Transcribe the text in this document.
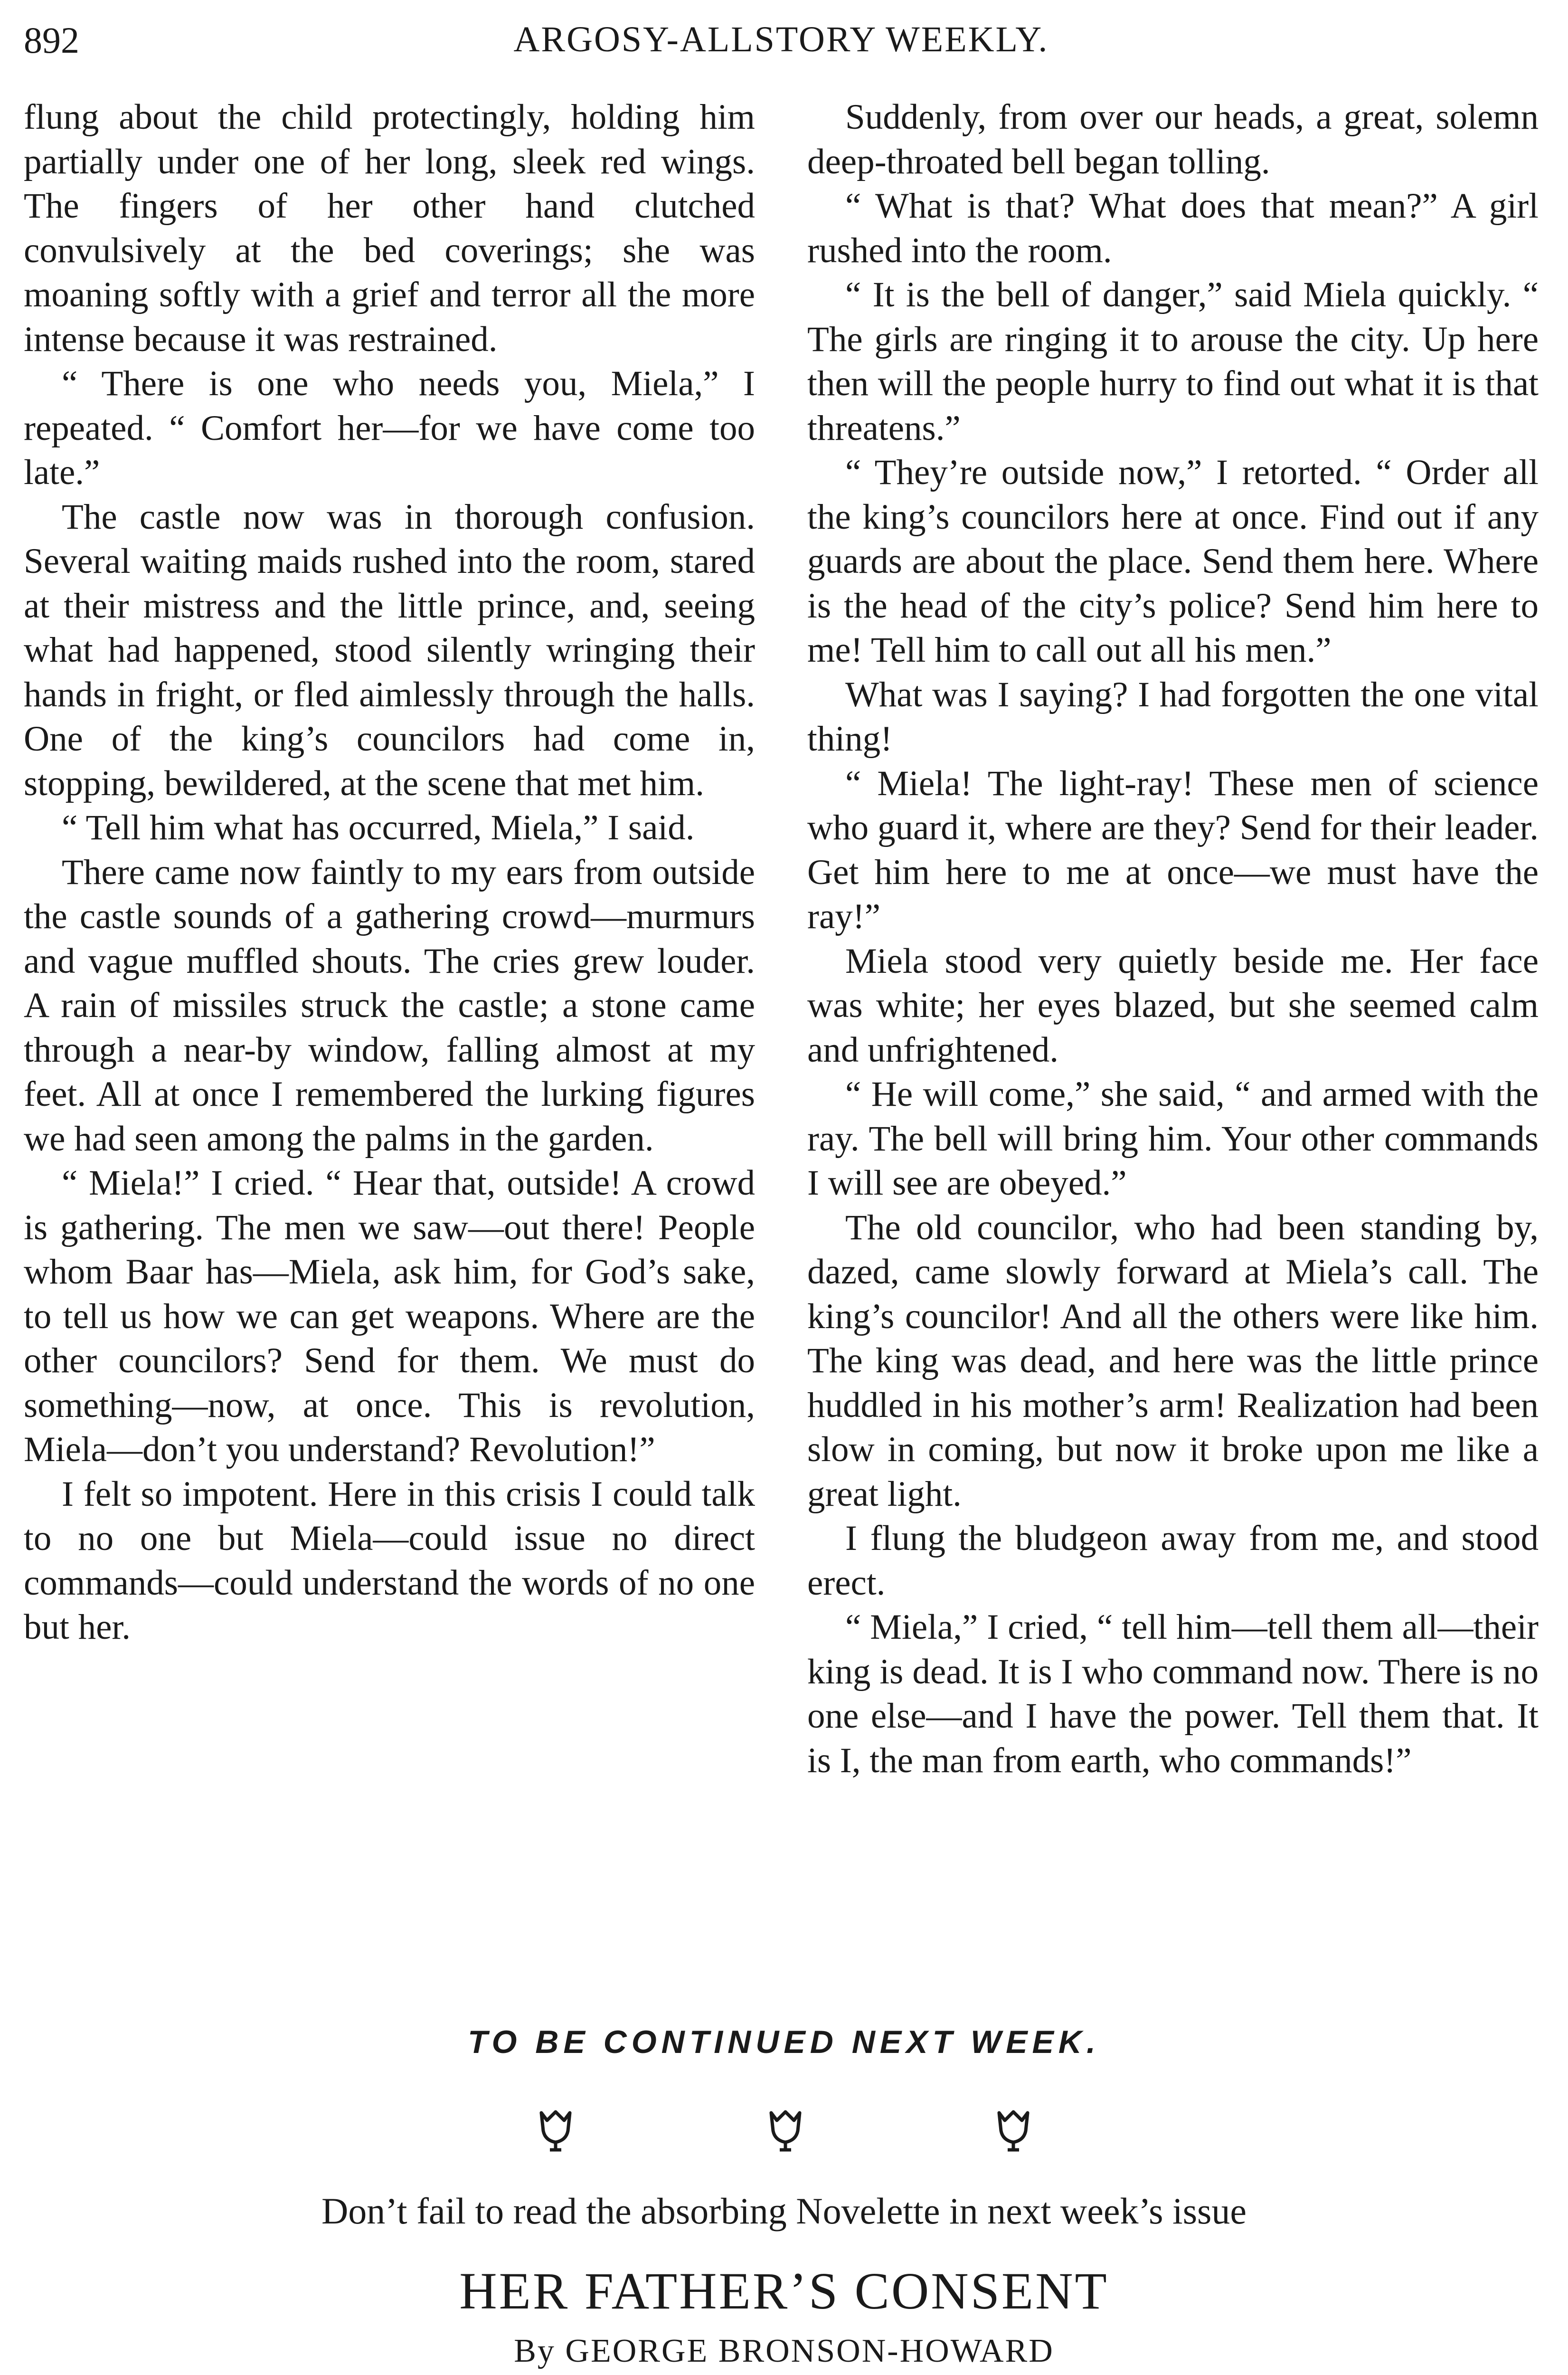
892	ARGOSY-ALLSTORY WEEKLY.

flung about the child protectingly, holding him partially under one of her long, sleek red wings. The fingers of her other hand clutched convulsively at the bed coverings; she was moaning softly with a grief and terror all the more intense because it was restrained.

“ There is one who needs you, Miela,” I repeated. “ Comfort her—for we have come too late.”

The castle now was in thorough confusion. Several waiting maids rushed into the room, stared at their mistress and the little prince, and, seeing what had happened, stood silently wringing their hands in fright, or fled aimlessly through the halls. One of the king’s councilors had come in, stopping, bewildered, at the scene that met him.

“ Tell him what has occurred, Miela,” I said.

There came now faintly to my ears from outside the castle sounds of a gathering crowd—murmurs and vague muffled shouts. The cries grew louder. A rain of missiles struck the castle; a stone came through a near-by window, falling almost at my feet. All at once I remembered the lurking figures we had seen among the palms in the garden.

“ Miela!” I cried. “ Hear that, outside! A crowd is gathering. The men we saw—out there! People whom Baar has—Miela, ask him, for God’s sake, to tell us how we can get weapons. Where are the other councilors? Send for them. We must do something—now, at once. This is revolution, Miela—don’t you understand? Revolution!”

I felt so impotent. Here in this crisis I could talk to no one but Miela—could issue no direct commands—could understand the words of no one but her.

Suddenly, from over our heads, a great, solemn deep-throated bell began tolling.

“ What is that? What does that mean?” A girl rushed into the room.

“ It is the bell of danger,” said Miela quickly. “ The girls are ringing it to arouse the city. Up here then will the people hurry to find out what it is that threatens.”

“ They’re outside now,” I retorted. “ Order all the king’s councilors here at once. Find out if any guards are about the place. Send them here. Where is the head of the city’s police? Send him here to me! Tell him to call out all his men.”

What was I saying? I had forgotten the one vital thing!

“ Miela! The light-ray! These men of science who guard it, where are they? Send for their leader. Get him here to me at once—we must have the ray!”

Miela stood very quietly beside me. Her face was white; her eyes blazed, but she seemed calm and unfrightened.

“ He will come,” she said, “ and armed with the ray. The bell will bring him. Your other commands I will see are obeyed.”

The old councilor, who had been standing by, dazed, came slowly forward at Miela’s call. The king’s councilor! And all the others were like him. The king was dead, and here was the little prince huddled in his mother’s arm! Realization had been slow in coming, but now it broke upon me like a great light.

I flung the bludgeon away from me, and stood erect.

“ Miela,” I cried, “ tell him—tell them all—their king is dead. It is I who command now. There is no one else—and I have the power. Tell them that. It is I, the man from earth, who commands!”

TO BE CONTINUED NEXT WEEK.
Don’t fail to read the absorbing Novelette in next week’s issue
HER FATHER’S CONSENT
By GEORGE BRONSON-HOWARD
